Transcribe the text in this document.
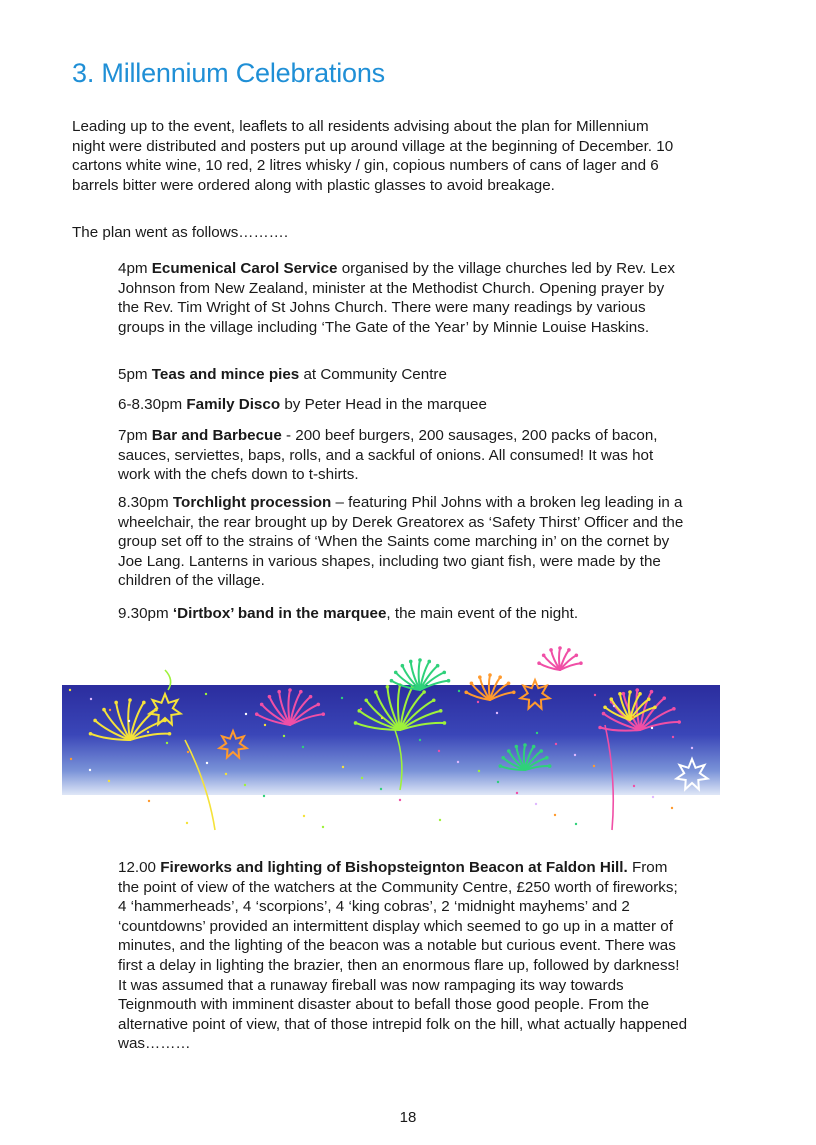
3. Millennium Celebrations

Leading up to the event, leaflets to all residents advising about the plan for Millennium night were distributed and posters put up around village at the beginning of December. 10 cartons white wine, 10 red, 2 litres whisky / gin, copious numbers of cans of lager and 6 barrels bitter were ordered along with plastic glasses to avoid breakage.

The plan went as follows……….

4pm Ecumenical Carol Service organised by the village churches led by Rev. Lex Johnson from New Zealand, minister at the Methodist Church. Opening prayer by the Rev. Tim Wright of St Johns Church. There were many readings by various groups in the village including ‘The Gate of the Year’ by Minnie Louise Haskins.

5pm Teas and mince pies at Community Centre

6-8.30pm Family Disco by Peter Head in the marquee

7pm Bar and Barbecue - 200 beef burgers, 200 sausages, 200 packs of bacon, sauces, serviettes, baps, rolls, and a sackful of onions. All consumed! It was hot work with the chefs down to t-shirts.

8.30pm Torchlight procession – featuring Phil Johns with a broken leg leading in a wheelchair, the rear brought up by Derek Greatorex as ‘Safety Thirst’ Officer and the group set off to the strains of ‘When the Saints come marching in’ on the cornet by Joe Lang. Lanterns in various shapes, including two giant fish, were made by the children of the village.

9.30pm ‘Dirtbox’ band in the marquee, the main event of the night.

12.00 Fireworks and lighting of Bishopsteignton Beacon at Faldon Hill. From the point of view of the watchers at the Community Centre, £250 worth of fireworks; 4 ‘hammerheads’, 4 ‘scorpions’, 4 ‘king cobras’, 2 ‘midnight mayhems’ and 2 ‘countdowns’ provided an intermittent display which seemed to go up in a matter of minutes, and the lighting of the beacon was a notable but curious event. There was first a delay in lighting the brazier, then an enormous flare up, followed by darkness! It was assumed that a runaway fireball was now rampaging its way towards Teignmouth with imminent disaster about to befall those good people. From the alternative point of view, that of those intrepid folk on the hill, what actually happened was………

18
